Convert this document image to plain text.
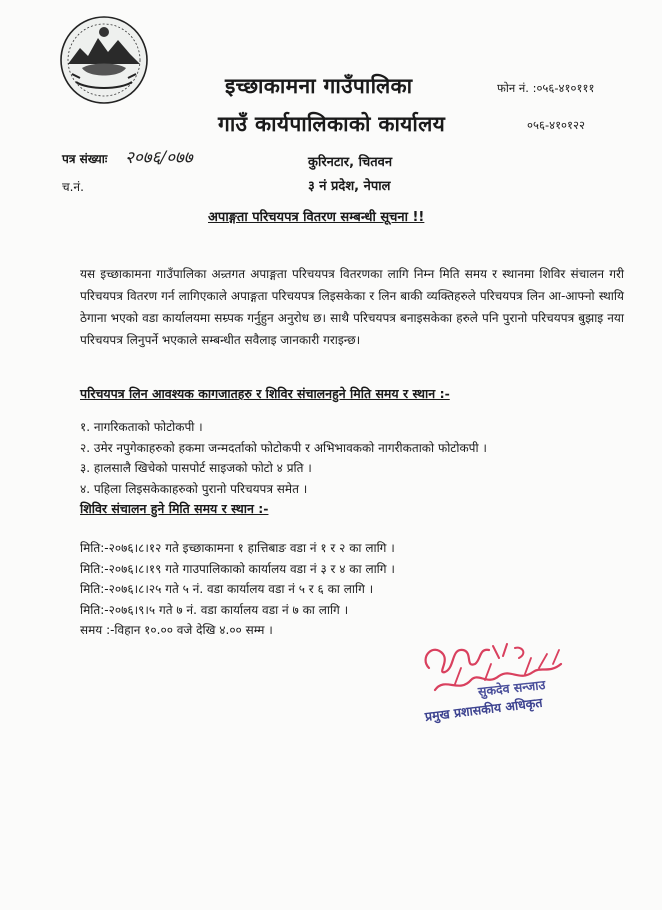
इच्छाकामना गाउँपालिका
गाउँ कार्यपालिकाको कार्यालय
फोन नं. :०५६-४१०१११
०५६-४१०१२२
पत्र संख्याः २०७६/०७७
च.नं.
कुरिनटार, चितवन
३ नं प्रदेश, नेपाल
अपाङ्गता परिचयपत्र वितरण सम्बन्धी सूचना !!

यस इच्छाकामना गाउँपालिका अन्र्तगत अपाङ्गता परिचयपत्र वितरणका लागि निम्न मिति समय र स्थानमा शिविर संचालन गरी परिचयपत्र वितरण गर्न लागिएकाले अपाङ्गता परिचयपत्र लिइसकेका र लिन बाकी व्यक्तिहरुले परिचयपत्र लिन आ-आफ्नो स्थायि ठेगाना भएको वडा कार्यालयमा सम्र्पक गर्नुहुन अनुरोध छ। साथै परिचयपत्र बनाइसकेका हरुले पनि पुरानो परिचयपत्र बुझाइ नया परिचयपत्र लिनुपर्ने भएकाले सम्बन्धीत सवैलाइ जानकारी गराइन्छ।

परिचयपत्र लिन आवश्यक कागजातहरु र शिविर संचालनहुने मिति समय र स्थान :-
१. नागरिकताको फोटोकपी ।
२. उमेर नपुगेकाहरुको हकमा जन्मदर्ताको फोटोकपी र अभिभावकको नागरीकताको फोटोकपी ।
३. हालसालै खिचेको पासपोर्ट साइजको फोटो ४ प्रति ।
४. पहिला लिइसकेकाहरुको पुरानो परिचयपत्र समेत ।
शिविर संचालन हुने मिति समय र स्थान :-
मिति:-२०७६।८।१२ गते इच्छाकामना १ हात्तिबाङ वडा नं १ र २ का लागि ।
मिति:-२०७६।८।१९ गते गाउपालिकाको कार्यालय वडा नं ३ र ४ का लागि ।
मिति:-२०७६।८।२५ गते ५ नं. वडा कार्यालय वडा नं ५ र ६ का लागि ।
मिति:-२०७६।९।५ गते ७ नं. वडा कार्यालय वडा नं ७ का लागि ।
समय :-विहान १०.०० वजे देखि ४.०० सम्म ।
सुकदेव सन्जाउ
प्रमुख प्रशासकीय अधिकृत
